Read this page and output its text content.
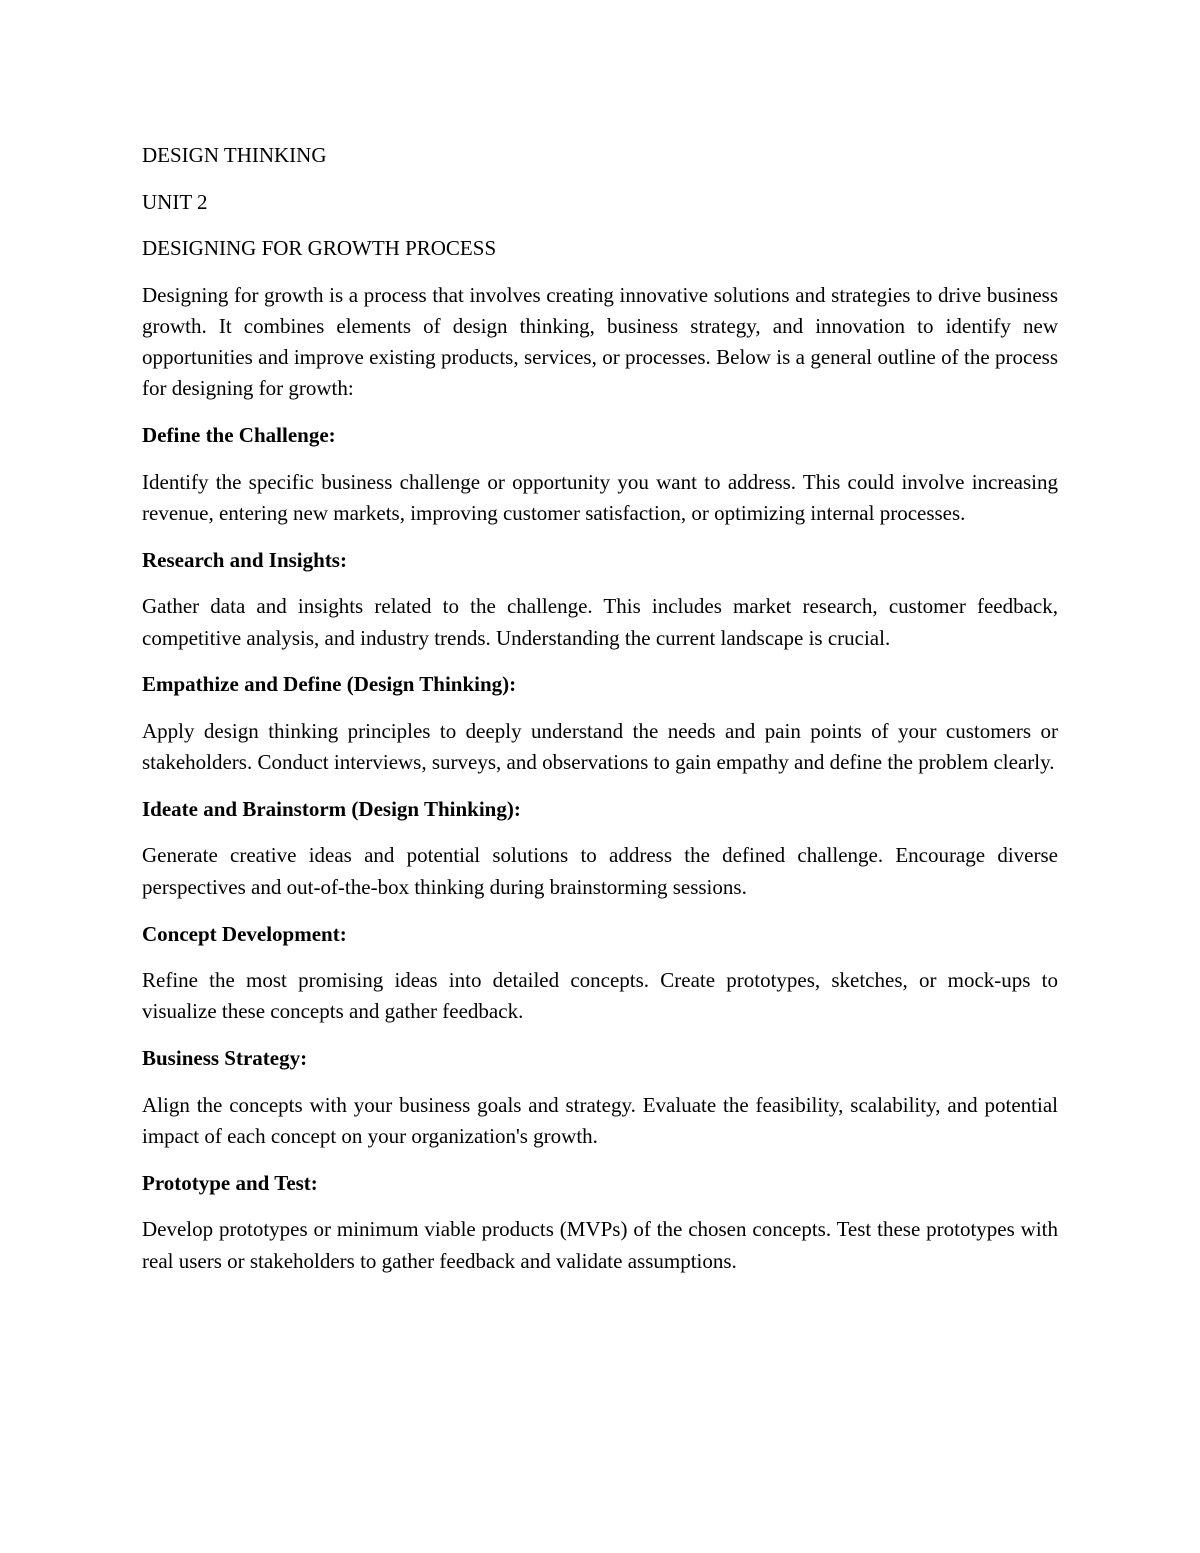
DESIGN THINKING
UNIT 2
DESIGNING FOR GROWTH PROCESS

Designing for growth is a process that involves creating innovative solutions and strategies to drive business growth. It combines elements of design thinking, business strategy, and innovation to identify new opportunities and improve existing products, services, or processes. Below is a general outline of the process for designing for growth:

Define the Challenge:

Identify the specific business challenge or opportunity you want to address. This could involve increasing revenue, entering new markets, improving customer satisfaction, or optimizing internal processes.

Research and Insights:

Gather data and insights related to the challenge. This includes market research, customer feedback, competitive analysis, and industry trends. Understanding the current landscape is crucial.

Empathize and Define (Design Thinking):

Apply design thinking principles to deeply understand the needs and pain points of your customers or stakeholders. Conduct interviews, surveys, and observations to gain empathy and define the problem clearly.

Ideate and Brainstorm (Design Thinking):

Generate creative ideas and potential solutions to address the defined challenge. Encourage diverse perspectives and out-of-the-box thinking during brainstorming sessions.

Concept Development:

Refine the most promising ideas into detailed concepts. Create prototypes, sketches, or mock-ups to visualize these concepts and gather feedback.

Business Strategy:

Align the concepts with your business goals and strategy. Evaluate the feasibility, scalability, and potential impact of each concept on your organization's growth.

Prototype and Test:

Develop prototypes or minimum viable products (MVPs) of the chosen concepts. Test these prototypes with real users or stakeholders to gather feedback and validate assumptions.
